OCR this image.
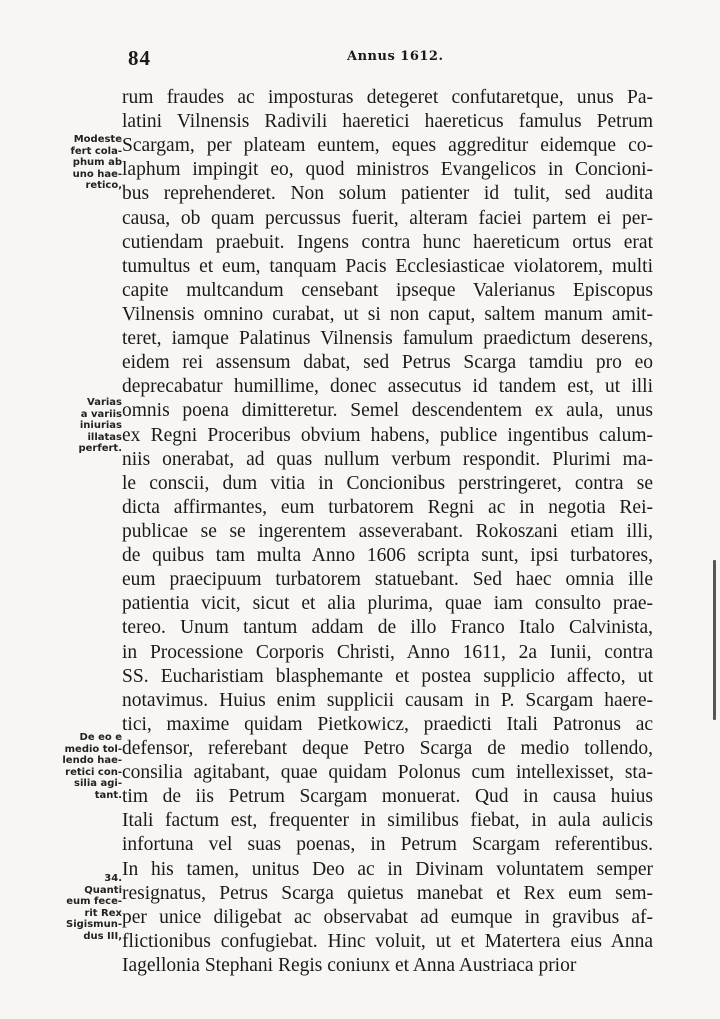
84	Annus 1612.
Modeste
fert cola-
phum ab
uno hae-
retico,
Varias
a variis
iniurias
illatas
perfert.
De eo e
medio tol-
lendo hae-
retici con-
silia agi-
tant.
34.
Quanti
eum fece-
rit Rex
Sigismun-
dus III,
rum fraudes ac imposturas detegeret confutaretque, unus Pa-
latini Vilnensis Radivili haeretici haereticus famulus Petrum
Scargam, per plateam euntem, eques aggreditur eidemque co-
laphum impingit eo, quod ministros Evangelicos in Concioni-
bus reprehenderet. Non solum patienter id tulit, sed audita
causa, ob quam percussus fuerit, alteram faciei partem ei per-
cutiendam praebuit. Ingens contra hunc haereticum ortus erat
tumultus et eum, tanquam Pacis Ecclesiasticae violatorem, multi
capite multcandum censebant ipseque Valerianus Episcopus
Vilnensis omnino curabat, ut si non caput, saltem manum amit-
teret, iamque Palatinus Vilnensis famulum praedictum deserens,
eidem rei assensum dabat, sed Petrus Scarga tamdiu pro eo
deprecabatur humillime, donec assecutus id tandem est, ut illi
omnis poena dimitteretur. Semel descendentem ex aula, unus
ex Regni Proceribus obvium habens, publice ingentibus calum-
niis onerabat, ad quas nullum verbum respondit. Plurimi ma-
le conscii, dum vitia in Concionibus perstringeret, contra se
dicta affirmantes, eum turbatorem Regni ac in negotia Rei-
publicae se se ingerentem asseverabant. Rokoszani etiam illi,
de quibus tam multa Anno 1606 scripta sunt, ipsi turbatores,
eum praecipuum turbatorem statuebant. Sed haec omnia ille
patientia vicit, sicut et alia plurima, quae iam consulto prae-
tereo. Unum tantum addam de illo Franco Italo Calvinista,
in Processione Corporis Christi, Anno 1611, 2a Iunii, contra
SS. Eucharistiam blasphemante et postea supplicio affecto, ut
notavimus. Huius enim supplicii causam in P. Scargam haere-
tici, maxime quidam Pietkowicz, praedicti Itali Patronus ac
defensor, referebant deque Petro Scarga de medio tollendo,
consilia agitabant, quae quidam Polonus cum intellexisset, sta-
tim de iis Petrum Scargam monuerat. Qud in causa huius
Itali factum est, frequenter in similibus fiebat, in aula aulicis
infortuna vel suas poenas, in Petrum Scargam referentibus.
In his tamen, unitus Deo ac in Divinam voluntatem semper
resignatus, Petrus Scarga quietus manebat et Rex eum sem-
per unice diligebat ac observabat ad eumque in gravibus af-
flictionibus confugiebat. Hinc voluit, ut et Matertera eius Anna
Iagellonia Stephani Regis coniunx et Anna Austriaca prior
